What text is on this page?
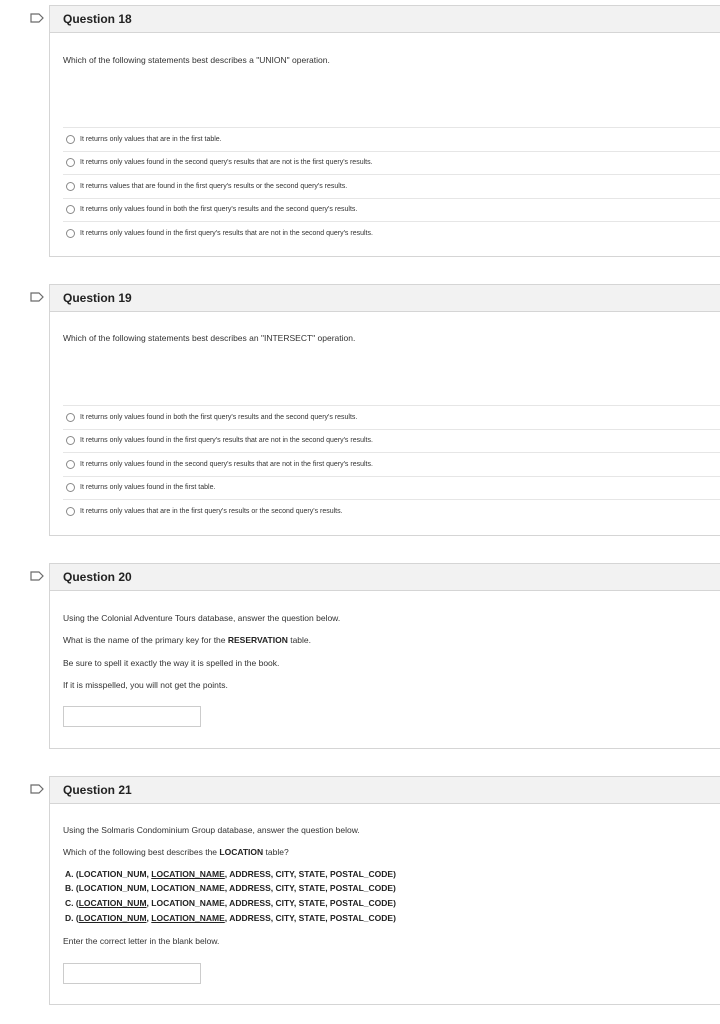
Question 18
Which of the following statements best describes a "UNION" operation.
It returns only values that are in the first table.
It returns only values found in the second query's results that are not is the first query's results.
It returns values that are found in the first query's results or the second query's results.
It returns only values found in both the first query's results and the second query's results.
It returns only values found in the first query's results that are not in the second query's results.
Question 19
Which of the following statements best describes an "INTERSECT" operation.
It returns only values found in both the first query's results and the second query's results.
It returns only values found in the first query's results that are not in the second query's results.
It returns only values found in the second query's results that are not in the first query's results.
It returns only values found in the first table.
It returns only values that are in the first query's results or the second query's results.
Question 20
Using the Colonial Adventure Tours database, answer the question below.
What is the name of the primary key for the RESERVATION table.
Be sure to spell it exactly the way it is spelled in the book.
If it is misspelled, you will not get the points.
Question 21
Using the Solmaris Condominium Group database, answer the question below.
Which of the following best describes the LOCATION table?
A. (LOCATION_NUM, LOCATION_NAME, ADDRESS, CITY, STATE, POSTAL_CODE)
B. (LOCATION_NUM, LOCATION_NAME, ADDRESS, CITY, STATE, POSTAL_CODE)
C. (LOCATION_NUM, LOCATION_NAME, ADDRESS, CITY, STATE, POSTAL_CODE)
D. (LOCATION_NUM, LOCATION_NAME, ADDRESS, CITY, STATE, POSTAL_CODE)
Enter the correct letter in the blank below.
